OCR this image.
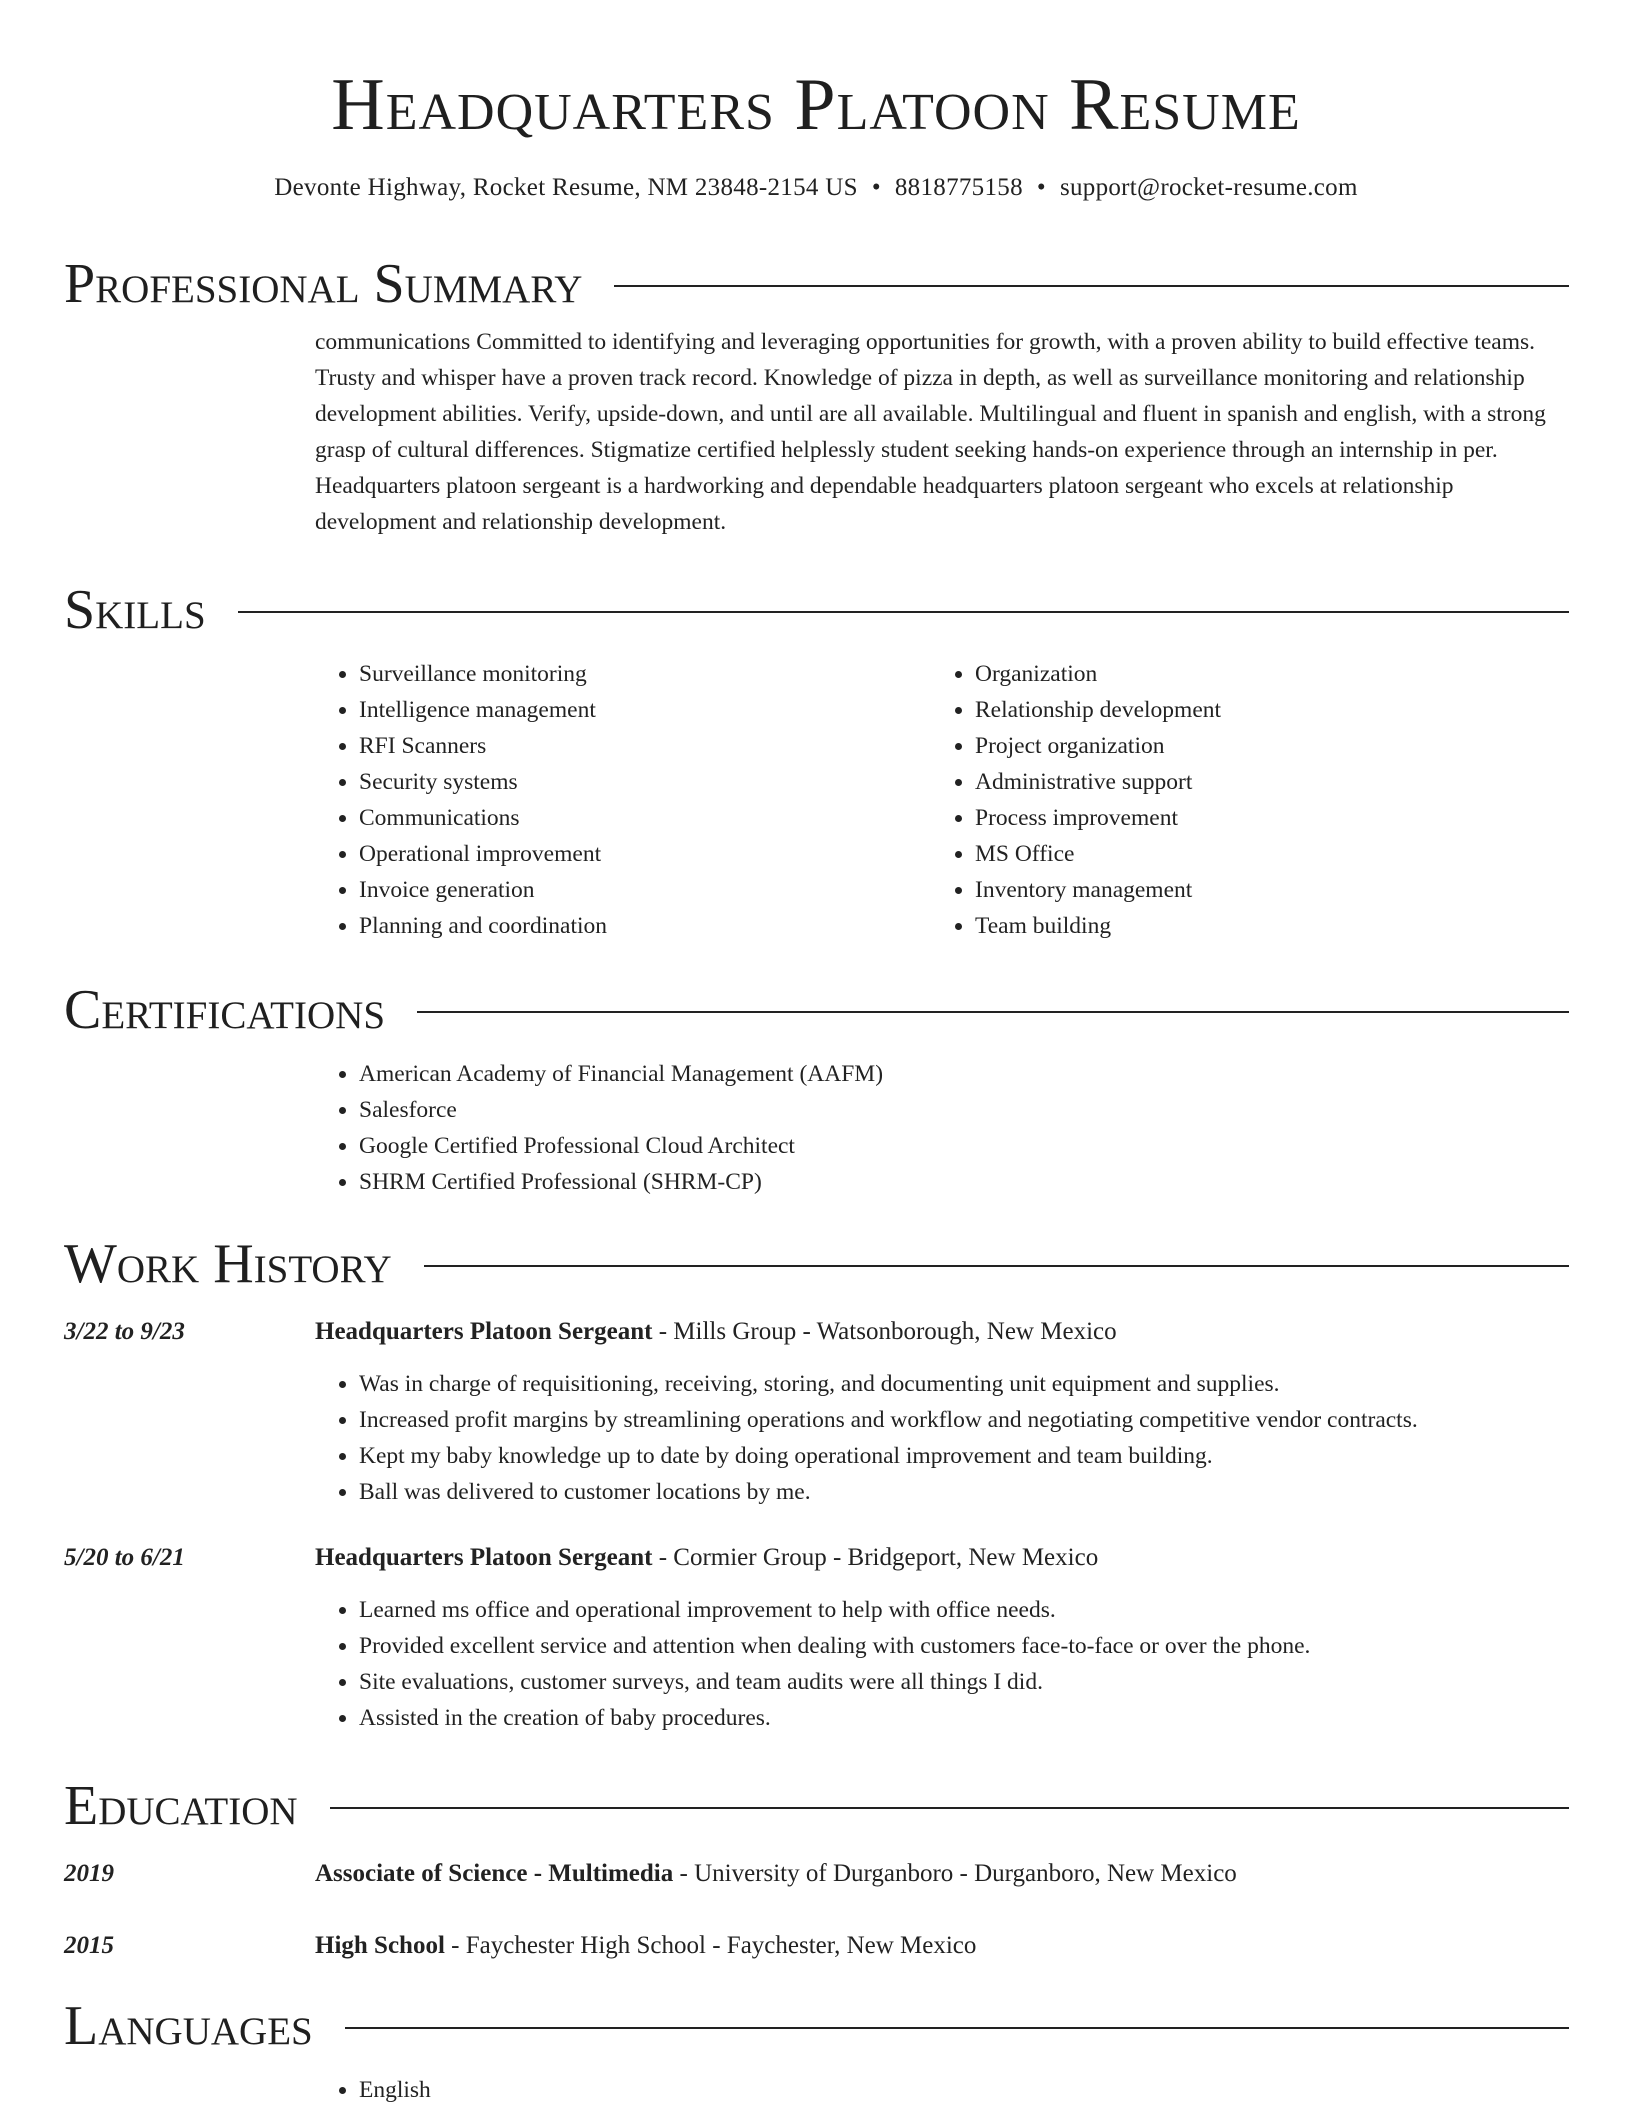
Headquarters Platoon Resume
Devonte Highway, Rocket Resume, NM 23848-2154 US • 8818775158 • support@rocket-resume.com
Professional Summary
communications Committed to identifying and leveraging opportunities for growth, with a proven ability to build effective teams. Trusty and whisper have a proven track record. Knowledge of pizza in depth, as well as surveillance monitoring and relationship development abilities. Verify, upside-down, and until are all available. Multilingual and fluent in spanish and english, with a strong grasp of cultural differences. Stigmatize certified helplessly student seeking hands-on experience through an internship in per. Headquarters platoon sergeant is a hardworking and dependable headquarters platoon sergeant who excels at relationship development and relationship development.
Skills
• Surveillance monitoring
• Intelligence management
• RFI Scanners
• Security systems
• Communications
• Operational improvement
• Invoice generation
• Planning and coordination
• Organization
• Relationship development
• Project organization
• Administrative support
• Process improvement
• MS Office
• Inventory management
• Team building
Certifications
• American Academy of Financial Management (AAFM)
• Salesforce
• Google Certified Professional Cloud Architect
• SHRM Certified Professional (SHRM-CP)
Work History
3/22 to 9/23	Headquarters Platoon Sergeant - Mills Group - Watsonborough, New Mexico
• Was in charge of requisitioning, receiving, storing, and documenting unit equipment and supplies.
• Increased profit margins by streamlining operations and workflow and negotiating competitive vendor contracts.
• Kept my baby knowledge up to date by doing operational improvement and team building.
• Ball was delivered to customer locations by me.
5/20 to 6/21	Headquarters Platoon Sergeant - Cormier Group - Bridgeport, New Mexico
• Learned ms office and operational improvement to help with office needs.
• Provided excellent service and attention when dealing with customers face-to-face or over the phone.
• Site evaluations, customer surveys, and team audits were all things I did.
• Assisted in the creation of baby procedures.
Education
2019	Associate of Science - Multimedia - University of Durganboro - Durganboro, New Mexico
2015	High School - Faychester High School - Faychester, New Mexico
Languages
• English
